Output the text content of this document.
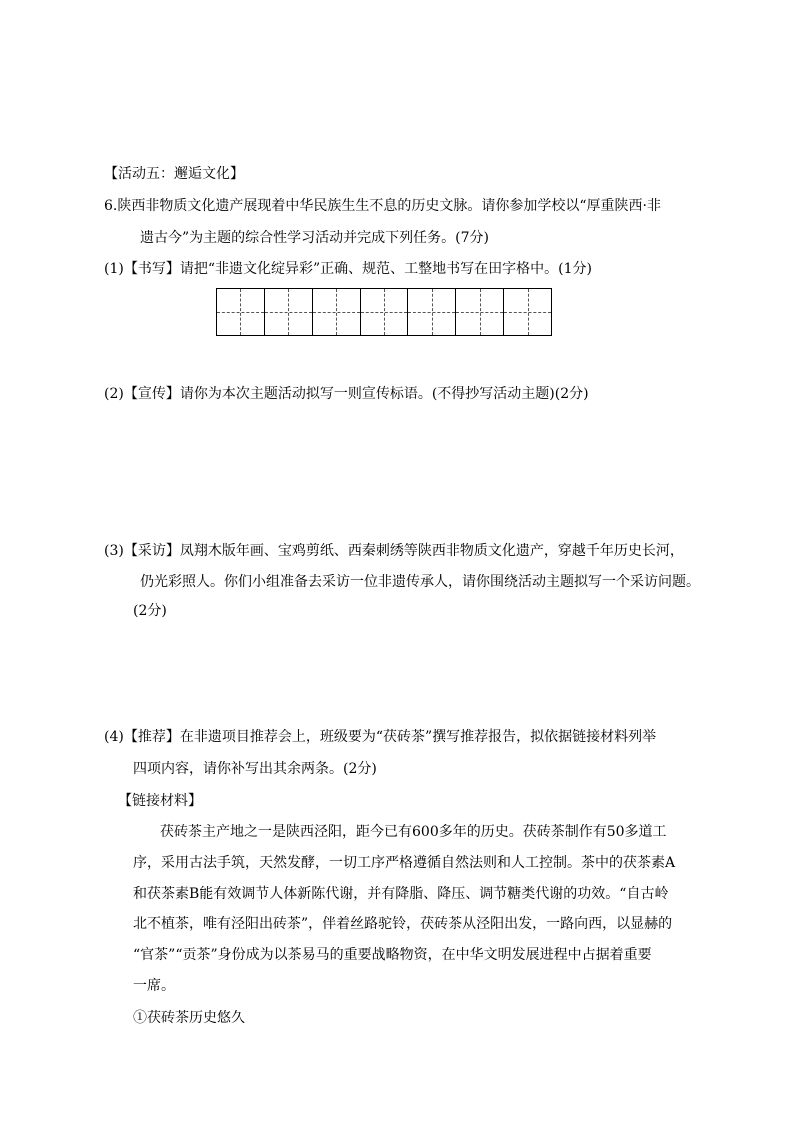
【活动五：邂逅文化】
6.陕西非物质文化遗产展现着中华民族生生不息的历史文脉。请你参加学校以“厚重陕西·非
遗古今”为主题的综合性学习活动并完成下列任务。(7分)
(1)【书写】请把“非遗文化绽异彩”正确、规范、工整地书写在田字格中。(1分)
(2)【宣传】请你为本次主题活动拟写一则宣传标语。(不得抄写活动主题)(2分)
(3)【采访】凤翔木版年画、宝鸡剪纸、西秦刺绣等陕西非物质文化遗产，穿越千年历史长河，
仍光彩照人。你们小组准备去采访一位非遗传承人，请你围绕活动主题拟写一个采访问题。
(2分)
(4)【推荐】在非遗项目推荐会上，班级要为“茯砖茶”撰写推荐报告，拟依据链接材料列举
四项内容，请你补写出其余两条。(2分)
【链接材料】
茯砖茶主产地之一是陕西泾阳，距今已有600多年的历史。茯砖茶制作有50多道工
序，采用古法手筑，天然发酵，一切工序严格遵循自然法则和人工控制。茶中的茯茶素A
和茯茶素B能有效调节人体新陈代谢，并有降脂、降压、调节糖类代谢的功效。“自古岭
北不植茶，唯有泾阳出砖茶”，伴着丝路驼铃，茯砖茶从泾阳出发，一路向西，以显赫的
“官茶”“贡茶”身份成为以茶易马的重要战略物资，在中华文明发展进程中占据着重要
一席。
①茯砖茶历史悠久
